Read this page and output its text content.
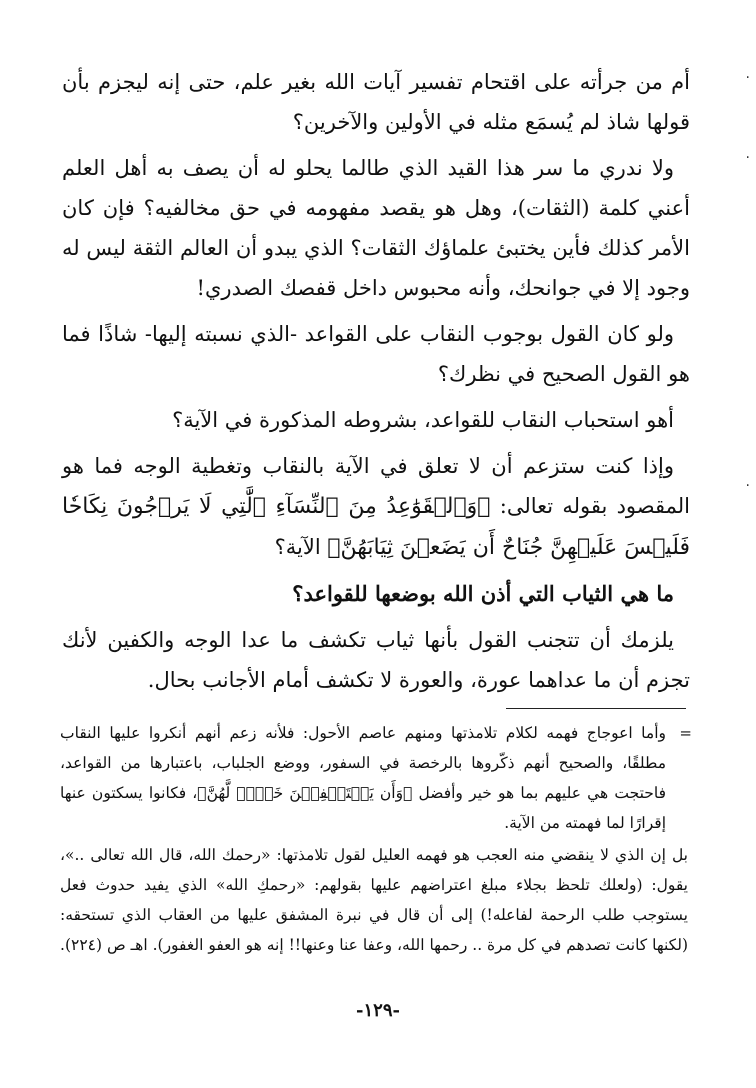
أم من جرأته على اقتحام تفسير آيات الله بغير علم، حتى إنه ليجزم بأن قولها شاذ لم يُسمَع مثله في الأولين والآخرين؟

ولا ندري ما سر هذا القيد الذي طالما يحلو له أن يصف به أهل العلم أعني كلمة (الثقات)، وهل هو يقصد مفهومه في حق مخالفيه؟ فإن كان الأمر كذلك فأين يختبئ علماؤك الثقات؟ الذي يبدو أن العالم الثقة ليس له وجود إلا في جوانحك، وأنه محبوس داخل قفصك الصدري!

ولو كان القول بوجوب النقاب على القواعد -الذي نسبته إليها- شاذًا فما هو القول الصحيح في نظرك؟

أهو استحباب النقاب للقواعد، بشروطه المذكورة في الآية؟

وإذا كنت ستزعم أن لا تعلق في الآية بالنقاب وتغطية الوجه فما هو المقصود بقوله تعالى: ﴿وَٱلۡقَوَٰعِدُ مِنَ ٱلنِّسَآءِ ٱلَّٰتِي لَا يَرۡجُونَ نِكَاحٗا فَلَيۡسَ عَلَيۡهِنَّ جُنَاحٌ أَن يَضَعۡنَ ثِيَابَهُنَّ﴾ الآية؟

ما هي الثياب التي أذن الله بوضعها للقواعد؟

يلزمك أن تتجنب القول بأنها ثياب تكشف ما عدا الوجه والكفين لأنك تجزم أن ما عداهما عورة، والعورة لا تكشف أمام الأجانب بحال.

=
وأما اعوجاج فهمه لكلام تلامذتها ومنهم عاصم الأحول: فلأنه زعم أنهم أنكروا عليها النقاب مطلقًا، والصحيح أنهم ذكّروها بالرخصة في السفور، ووضع الجلباب، باعتبارها من القواعد، فاحتجت هي عليهم بما هو خير وأفضل ﴿وَأَن يَسۡتَعۡفِفۡنَ خَيۡرٞ لَّهُنَّ﴾، فكانوا يسكتون عنها إقرارًا لما فهمته من الآية.

بل إن الذي لا ينقضي منه العجب هو فهمه العليل لقول تلامذتها: «رحمك الله، قال الله تعالى ..»، يقول: (ولعلك تلحظ بجلاء مبلغ اعتراضهم عليها بقولهم: «رحمكِ الله» الذي يفيد حدوث فعل يستوجب طلب الرحمة لفاعله!) إلى أن قال في نبرة المشفق عليها من العقاب الذي تستحقه: (لكنها كانت تصدهم في كل مرة .. رحمها الله، وعفا عنا وعنها!! إنه هو العفو الغفور). اهـ ص (٢٢٤).

-١٢٩-
·
·
·
